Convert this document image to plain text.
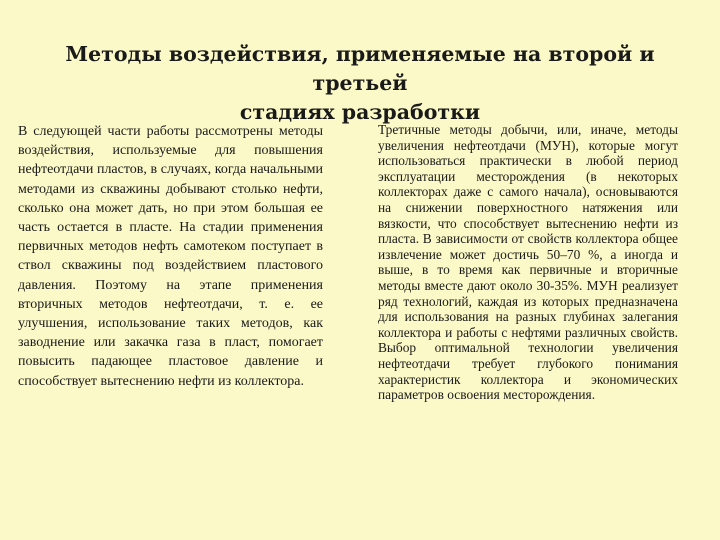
Методы воздействия, применяемые на второй и третьей
стадиях разработки

В следующей части работы рассмотрены методы воздействия, используемые для повышения нефтеотдачи пластов, в случаях, когда начальными методами из скважины добывают столько нефти, сколько она может дать, но при этом большая ее часть остается в пласте. На стадии применения первичных методов нефть самотеком поступает в ствол скважины под воздействием пластового давления. Поэтому на этапе применения вторичных методов нефтеотдачи, т. е. ее улучшения, использование таких методов, как заводнение или закачка газа в пласт, помогает повысить падающее пластовое давление и способствует вытеснению нефти из коллектора.

Третичные методы добычи, или, иначе, методы увеличения нефтеотдачи (МУН), которые могут использоваться практически в любой период эксплуатации месторождения (в некоторых коллекторах даже с самого начала), основываются на снижении поверхностного натяжения или вязкости, что способствует вытеснению нефти из пласта. В зависимости от свойств коллектора общее извлечение может достичь 50–70 %, а иногда и выше, в то время как первичные и вторичные методы вместе дают около 30-35%. МУН реализует ряд технологий, каждая из которых предназначена для использования на разных глубинах залегания коллектора и работы с нефтями различных свойств. Выбор оптимальной технологии увеличения нефтеотдачи требует глубокого понимания характеристик коллектора и экономических параметров освоения месторождения.
